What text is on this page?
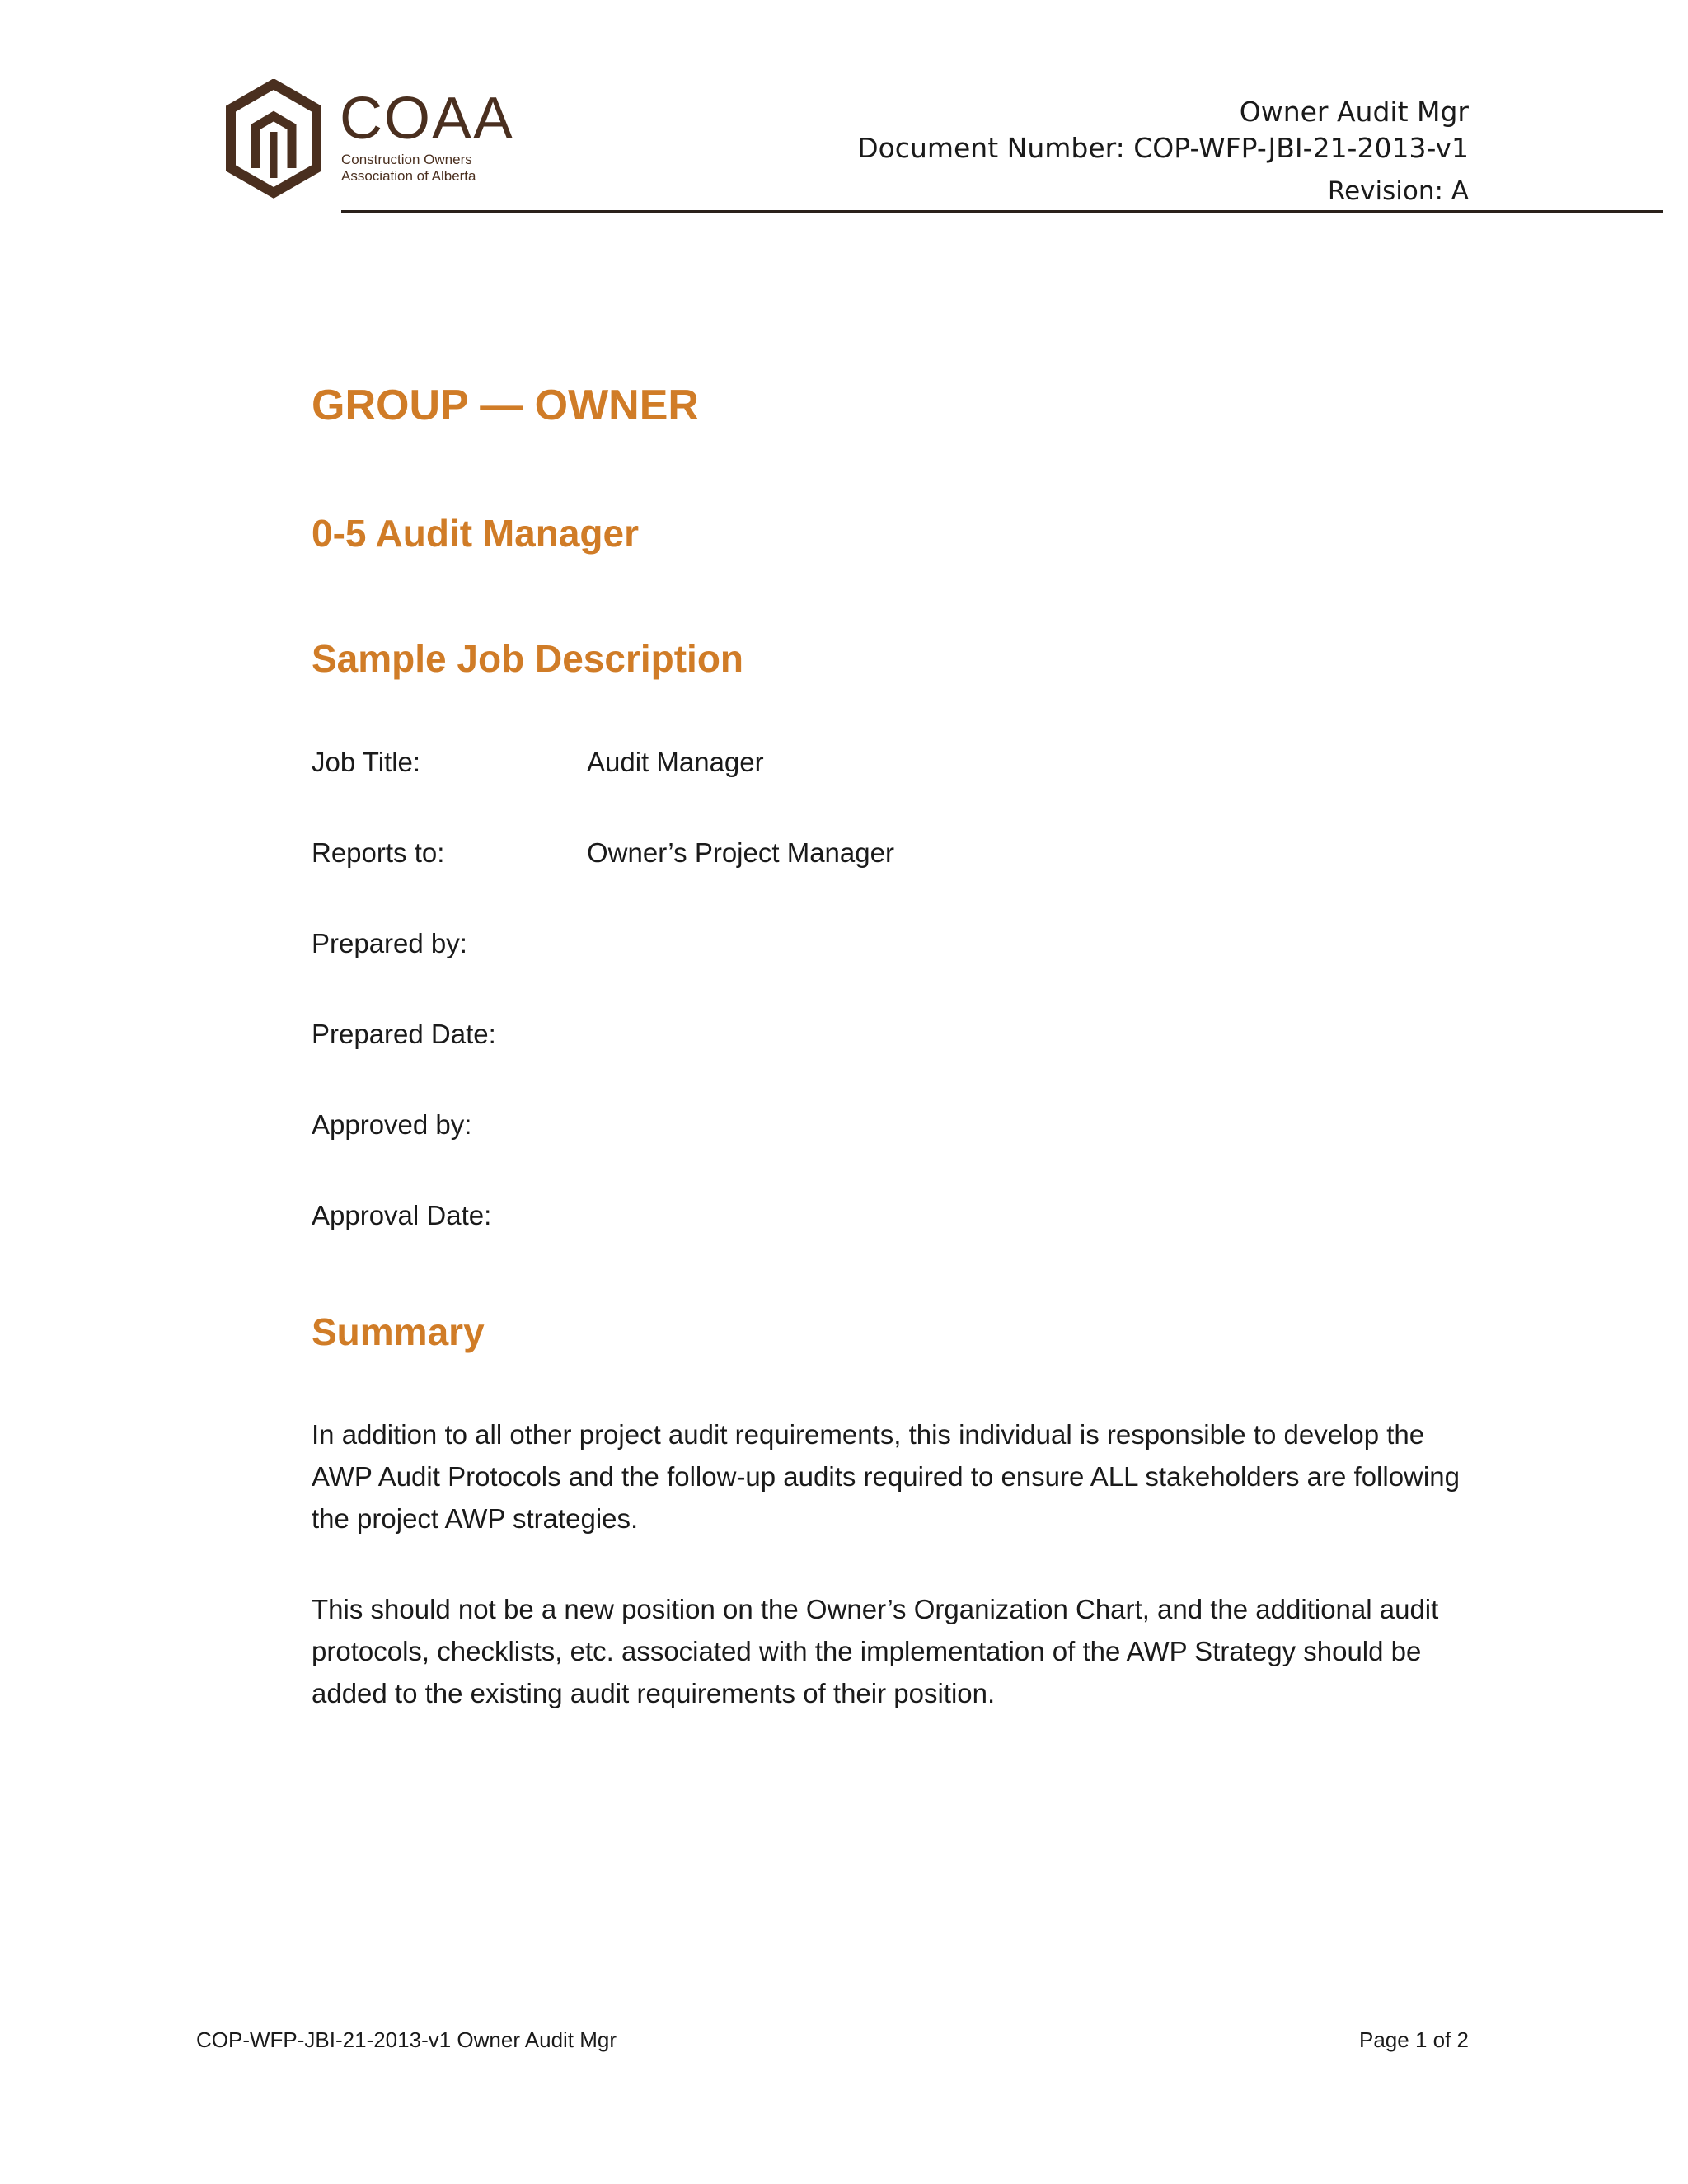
COAA
Construction Owners
Association of Alberta
Owner Audit Mgr
Document Number: COP-WFP-JBI-21-2013-v1
Revision: A
GROUP — OWNER
0-5 Audit Manager
Sample Job Description
Job Title:	Audit Manager
Reports to:	Owner’s Project Manager
Prepared by:
Prepared Date:
Approved by:
Approval Date:
Summary

In addition to all other project audit requirements, this individual is responsible to develop the AWP Audit Protocols and the follow-up audits required to ensure ALL stakeholders are following the project AWP strategies.

This should not be a new position on the Owner’s Organization Chart, and the additional audit protocols, checklists, etc. associated with the implementation of the AWP Strategy should be added to the existing audit requirements of their position.

COP-WFP-JBI-21-2013-v1 Owner Audit Mgr	Page 1 of 2
